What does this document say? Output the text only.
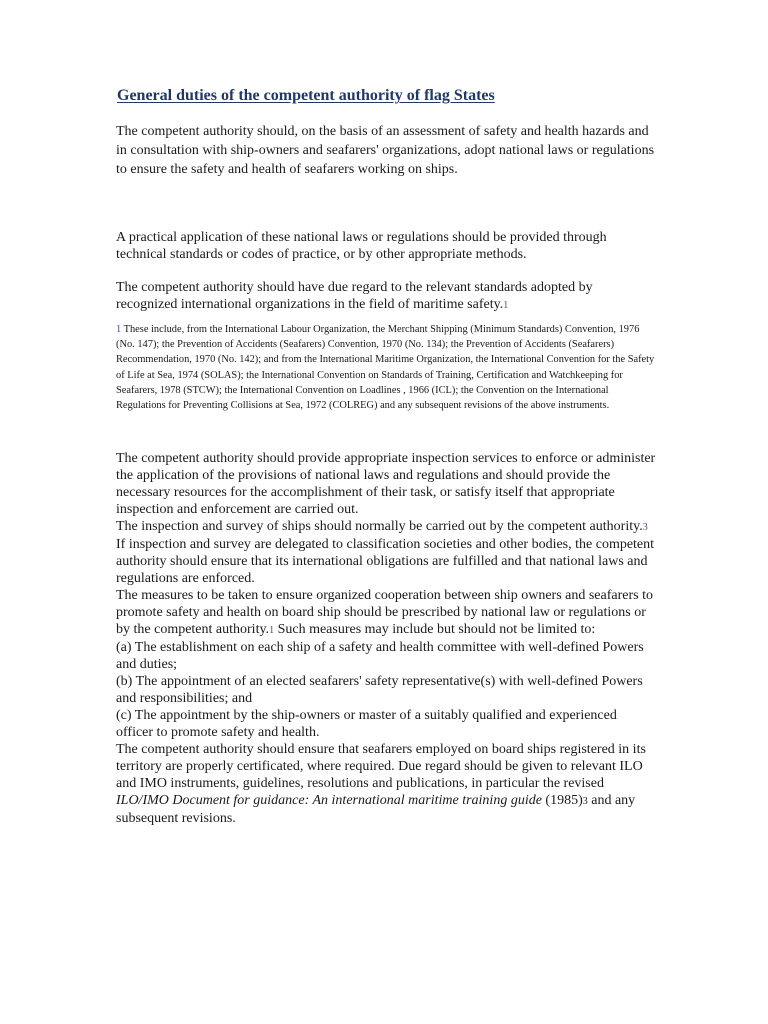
General duties of the competent authority of flag States

The competent authority should, on the basis of an assessment of safety and health hazards and in consultation with ship-owners and seafarers' organizations, adopt national laws or regulations to ensure the safety and health of seafarers working on ships.

A practical application of these national laws or regulations should be provided through technical standards or codes of practice, or by other appropriate methods.

The competent authority should have due regard to the relevant standards adopted by recognized international organizations in the field of maritime safety.1

1 These include, from the International Labour Organization, the Merchant Shipping (Minimum Standards) Convention, 1976 (No. 147); the Prevention of Accidents (Seafarers) Convention, 1970 (No. 134); the Prevention of Accidents (Seafarers) Recommendation, 1970 (No. 142); and from the International Maritime Organization, the International Convention for the Safety of Life at Sea, 1974 (SOLAS); the International Convention on Standards of Training, Certification and Watchkeeping for Seafarers, 1978 (STCW); the International Convention on Loadlines , 1966 (ICL); the Convention on the International Regulations for Preventing Collisions at Sea, 1972 (COLREG) and any subsequent revisions of the above instruments.

The competent authority should provide appropriate inspection services to enforce or administer the application of the provisions of national laws and regulations and should provide the necessary resources for the accomplishment of their task, or satisfy itself that appropriate inspection and enforcement are carried out.
The inspection and survey of ships should normally be carried out by the competent authority.3 If inspection and survey are delegated to classification societies and other bodies, the competent authority should ensure that its international obligations are fulfilled and that national laws and regulations are enforced.
The measures to be taken to ensure organized cooperation between ship owners and seafarers to promote safety and health on board ship should be prescribed by national law or regulations or by the competent authority.1 Such measures may include but should not be limited to:
(a) The establishment on each ship of a safety and health committee with well-defined Powers and duties;
(b) The appointment of an elected seafarers' safety representative(s) with well-defined Powers and responsibilities; and
(c) The appointment by the ship-owners or master of a suitably qualified and experienced officer to promote safety and health.
The competent authority should ensure that seafarers employed on board ships registered in its territory are properly certificated, where required. Due regard should be given to relevant ILO and IMO instruments, guidelines, resolutions and publications, in particular the revised ILO/IMO Document for guidance: An international maritime training guide (1985)3 and any subsequent revisions.
